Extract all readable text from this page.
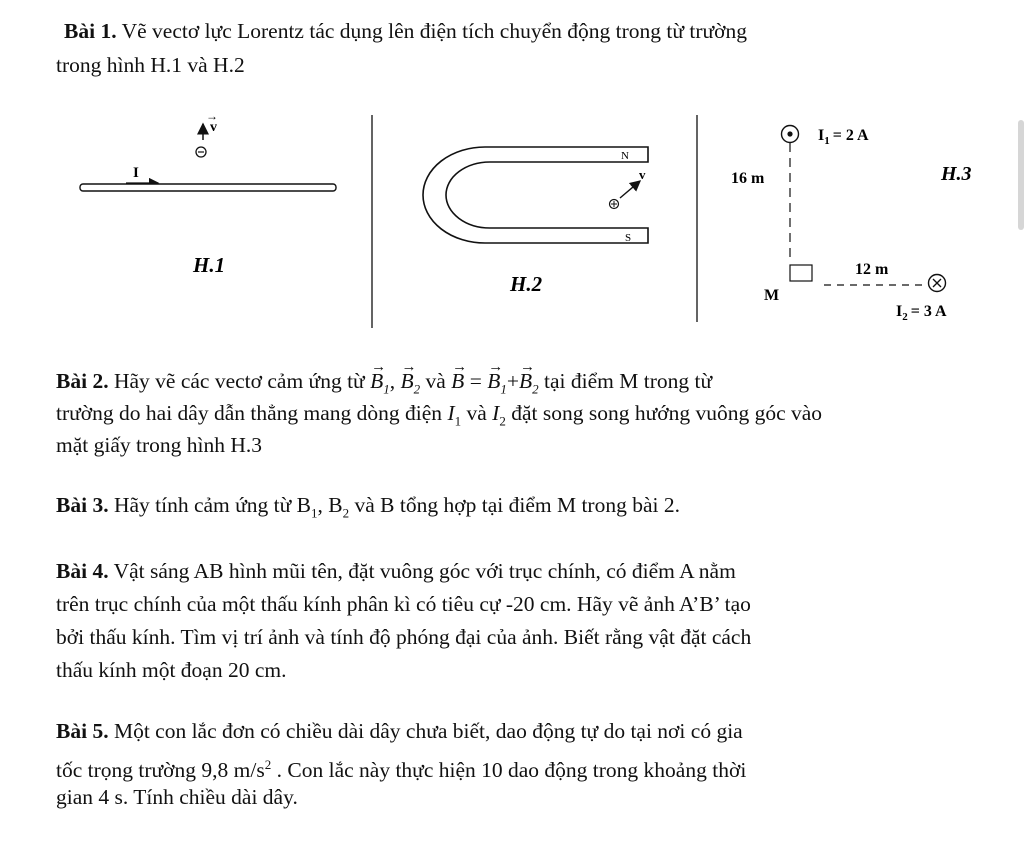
Bài 1. Vẽ vectơ lực Lorentz tác dụng lên điện tích chuyển động trong từ trường
trong hình H.1 và H.2
v
→
I
H.1
N
S
v
H.2
$I_1 = 2$ A
16 m	H.3
12 m
M
$I_2 = 3$ A
Bài 2. Hãy vẽ các vectơ cảm ứng từ → $B_1$, → $B_2$ và → B = → $B_1+\to B_2$ tại điểm M trong từ
trường do hai dây dẫn thẳng mang dòng điện $I_1$ và $I_2$ đặt song song hướng vuông góc vào
mặt giấy trong hình H.3
Bài 3. Hãy tính cảm ứng từ $B_1$, $B_2$ và B tổng hợp tại điểm M trong bài 2.
Bài 4. Vật sáng AB hình mũi tên, đặt vuông góc với trục chính, có điểm A nằm
trên trục chính của một thấu kính phân kì có tiêu cự -20 cm. Hãy vẽ ảnh A’B’ tạo
bởi thấu kính. Tìm vị trí ảnh và tính độ phóng đại của ảnh. Biết rằng vật đặt cách
thấu kính một đoạn 20 cm.
Bài 5. Một con lắc đơn có chiều dài dây chưa biết, dao động tự do tại nơi có gia
tốc trọng trường 9,8 $m/s^2$ . Con lắc này thực hiện 10 dao động trong khoảng thời
gian 4 s. Tính chiều dài dây.
